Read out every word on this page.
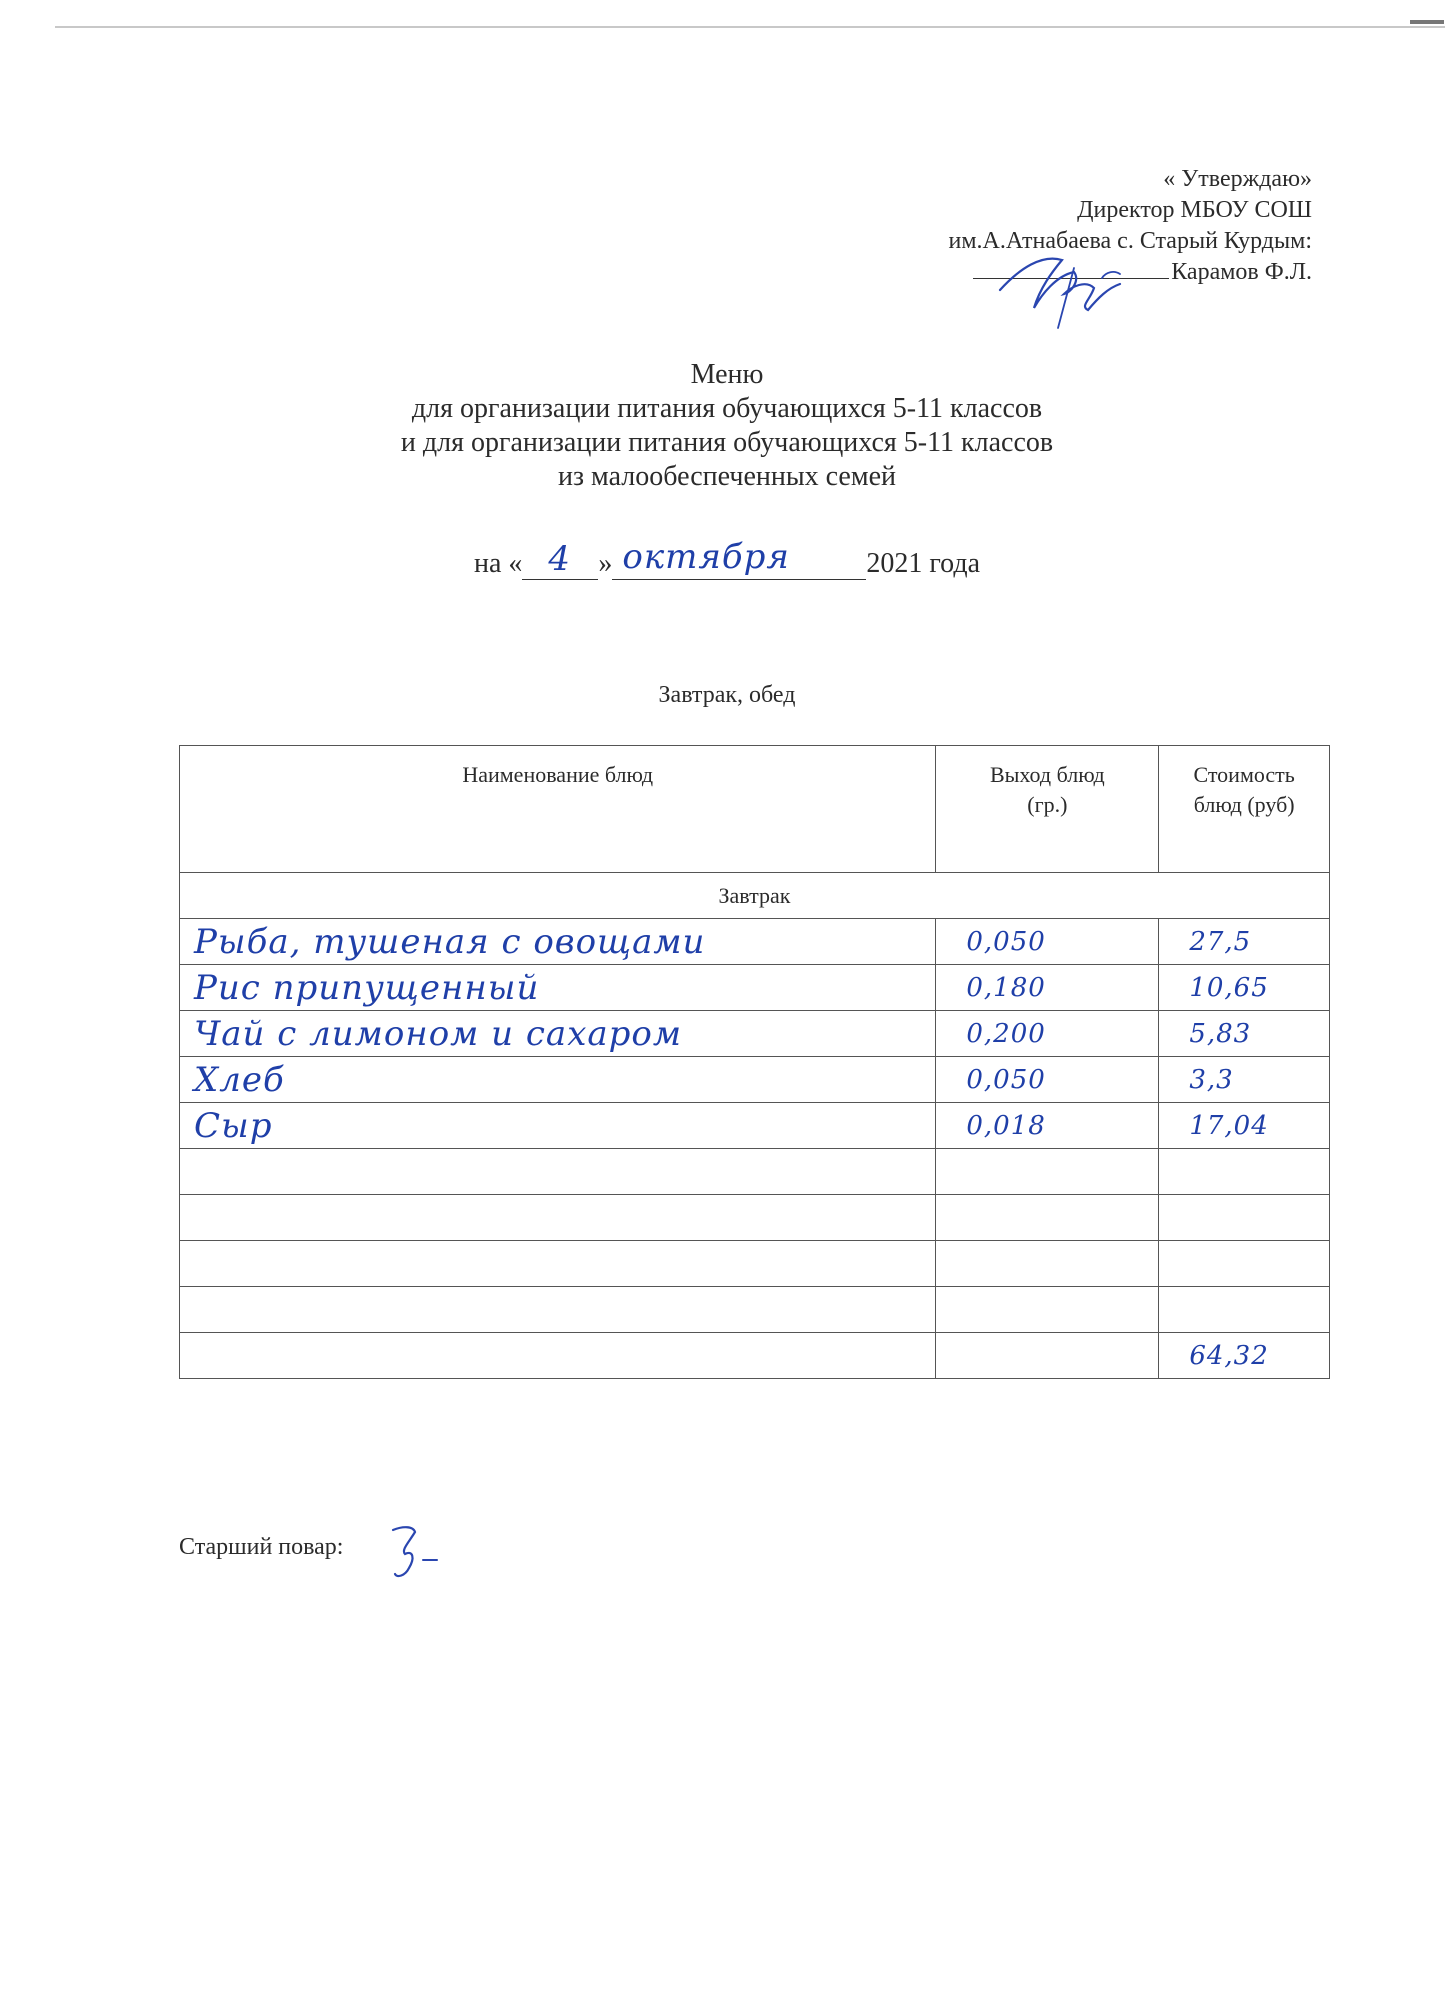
« Утверждаю»
Директор МБОУ СОШ
им.А.Атнабаева с. Старый Курдым:
Карамов Ф.Л.
Меню
для организации питания обучающихся 5-11 классов
и для организации питания обучающихся 5-11 классов
из малообеспеченных семей
на « 4 » октября	2021 года
Завтрак, обед
Наименование блюд	Выход блюд (гр.)	Стоимость блюд (руб)

Завтрак		

Рыба, тушеная с овощами	0,050	27,5

Рис припущенный	0,180	10,65

Чай с лимоном и сахаром	0,200	5,83

Хлеб	0,050	3,3

Сыр	0,018	17,04

		64,32
Старший повар:
